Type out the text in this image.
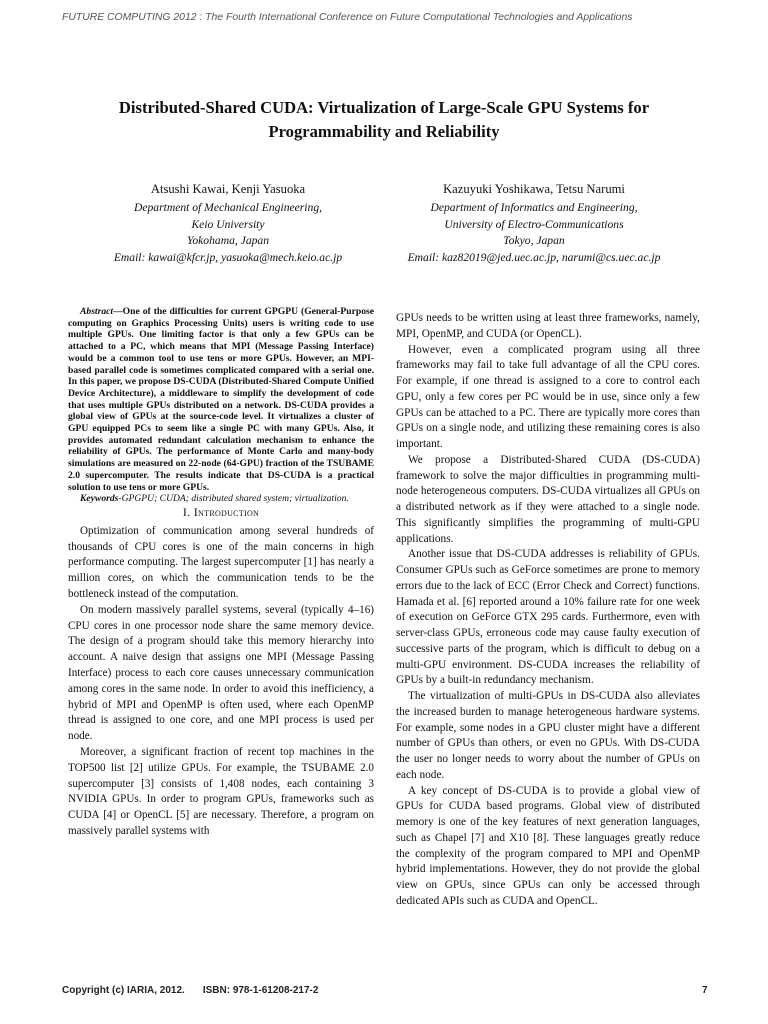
FUTURE COMPUTING 2012 : The Fourth International Conference on Future Computational Technologies and Applications
Distributed-Shared CUDA: Virtualization of Large-Scale GPU Systems for
Programmability and Reliability
Atsushi Kawai, Kenji Yasuoka
Department of Mechanical Engineering,
Keio University
Yokohama, Japan
Email: kawai@kfcr.jp, yasuoka@mech.keio.ac.jp
Kazuyuki Yoshikawa, Tetsu Narumi
Department of Informatics and Engineering,
University of Electro-Communications
Tokyo, Japan
Email: kaz82019@jed.uec.ac.jp, narumi@cs.uec.ac.jp

Abstract—One of the difficulties for current GPGPU (General-Purpose computing on Graphics Processing Units) users is writing code to use multiple GPUs. One limiting factor is that only a few GPUs can be attached to a PC, which means that MPI (Message Passing Interface) would be a common tool to use tens or more GPUs. However, an MPI-based parallel code is sometimes complicated compared with a serial one. In this paper, we propose DS-CUDA (Distributed-Shared Compute Unified Device Architecture), a middleware to simplify the development of code that uses multiple GPUs distributed on a network. DS-CUDA provides a global view of GPUs at the source-code level. It virtualizes a cluster of GPU equipped PCs to seem like a single PC with many GPUs. Also, it provides automated redundant calculation mechanism to enhance the reliability of GPUs. The performance of Monte Carlo and many-body simulations are measured on 22-node (64-GPU) fraction of the TSUBAME 2.0 supercomputer. The results indicate that DS-CUDA is a practical solution to use tens or more GPUs.

Keywords-GPGPU; CUDA; distributed shared system; virtualization.

I. Introduction

Optimization of communication among several hundreds of thousands of CPU cores is one of the main concerns in high performance computing. The largest supercomputer [1] has nearly a million cores, on which the communication tends to be the bottleneck instead of the computation.

On modern massively parallel systems, several (typically 4–16) CPU cores in one processor node share the same memory device. The design of a program should take this memory hierarchy into account. A naive design that assigns one MPI (Message Passing Interface) process to each core causes unnecessary communication among cores in the same node. In order to avoid this inefficiency, a hybrid of MPI and OpenMP is often used, where each OpenMP thread is assigned to one core, and one MPI process is used per node.

Moreover, a significant fraction of recent top machines in the TOP500 list [2] utilize GPUs. For example, the TSUBAME 2.0 supercomputer [3] consists of 1,408 nodes, each containing 3 NVIDIA GPUs. In order to program GPUs, frameworks such as CUDA [4] or OpenCL [5] are necessary. Therefore, a program on massively parallel systems with

GPUs needs to be written using at least three frameworks, namely, MPI, OpenMP, and CUDA (or OpenCL).

However, even a complicated program using all three frameworks may fail to take full advantage of all the CPU cores. For example, if one thread is assigned to a core to control each GPU, only a few cores per PC would be in use, since only a few GPUs can be attached to a PC. There are typically more cores than GPUs on a single node, and utilizing these remaining cores is also important.

We propose a Distributed-Shared CUDA (DS-CUDA) framework to solve the major difficulties in programming multi-node heterogeneous computers. DS-CUDA virtualizes all GPUs on a distributed network as if they were attached to a single node. This significantly simplifies the programming of multi-GPU applications.

Another issue that DS-CUDA addresses is reliability of GPUs. Consumer GPUs such as GeForce sometimes are prone to memory errors due to the lack of ECC (Error Check and Correct) functions. Hamada et al. [6] reported around a 10% failure rate for one week of execution on GeForce GTX 295 cards. Furthermore, even with server-class GPUs, erroneous code may cause faulty execution of successive parts of the program, which is difficult to debug on a multi-GPU environment. DS-CUDA increases the reliability of GPUs by a built-in redundancy mechanism.

The virtualization of multi-GPUs in DS-CUDA also alleviates the increased burden to manage heterogeneous hardware systems. For example, some nodes in a GPU cluster might have a different number of GPUs than others, or even no GPUs. With DS-CUDA the user no longer needs to worry about the number of GPUs on each node.

A key concept of DS-CUDA is to provide a global view of GPUs for CUDA based programs. Global view of distributed memory is one of the key features of next generation languages, such as Chapel [7] and X10 [8]. These languages greatly reduce the complexity of the program compared to MPI and OpenMP hybrid implementations. However, they do not provide the global view on GPUs, since GPUs can only be accessed through dedicated APIs such as CUDA and OpenCL.

Copyright (c) IARIA, 2012. ISBN: 978-1-61208-217-2	7
